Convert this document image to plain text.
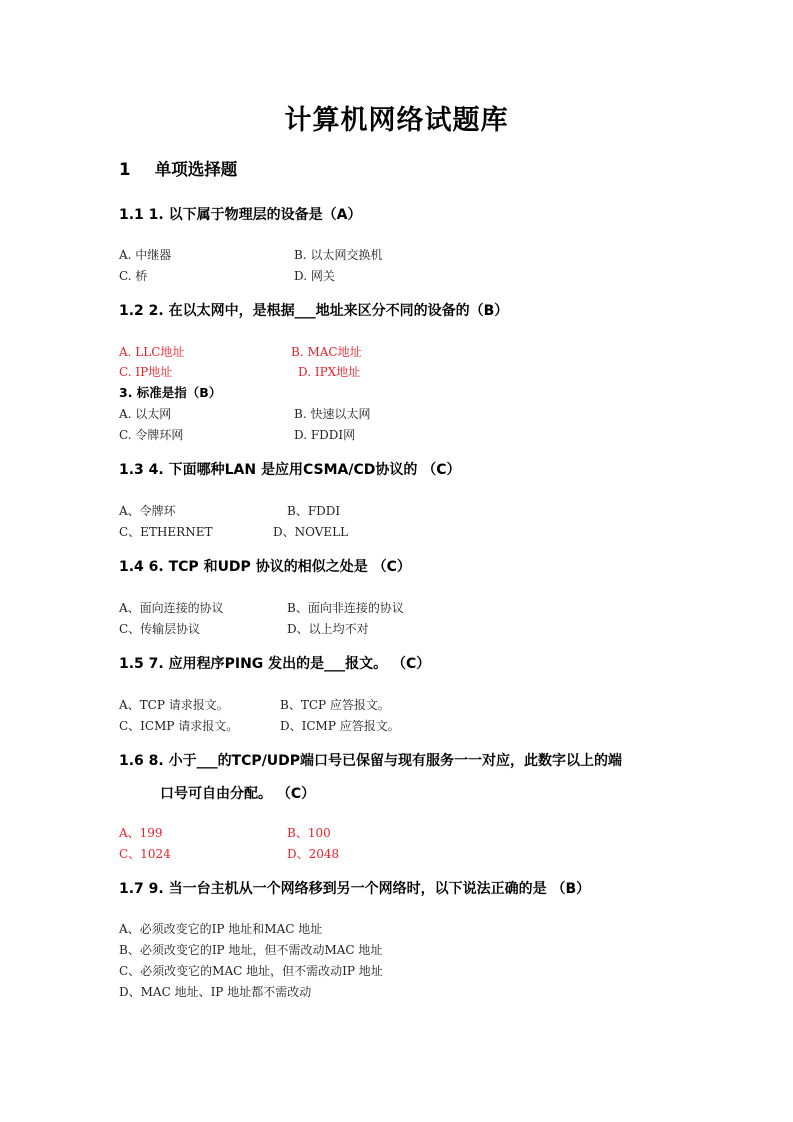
计算机网络试题库
1 单项选择题
1.1 1. 以下属于物理层的设备是（A）
A. 中继器	B. 以太网交换机
C. 桥	D. 网关
1.2 2. 在以太网中，是根据___地址来区分不同的设备的（B）
A. LLC地址	B. MAC地址
C. IP地址	D. IPX地址
3. 标准是指（B）
A. 以太网	B. 快速以太网
C. 令牌环网	D. FDDI网
1.3 4. 下面哪种LAN 是应用CSMA/CD协议的 （C）
A、令牌环	B、FDDI
C、ETHERNET	D、NOVELL
1.4 6. TCP 和UDP 协议的相似之处是 （C）
A、面向连接的协议	B、面向非连接的协议
C、传输层协议	D、以上均不对
1.5 7. 应用程序PING 发出的是___报文。 （C）
A、TCP 请求报文。	B、TCP 应答报文。
C、ICMP 请求报文。	D、ICMP 应答报文。
1.6 8. 小于___的TCP/UDP端口号已保留与现有服务一一对应，此数字以上的端
口号可自由分配。 （C）
A、199	B、100
C、1024	D、2048
1.7 9. 当一台主机从一个网络移到另一个网络时，以下说法正确的是 （B）
A、必须改变它的IP 地址和MAC 地址
B、必须改变它的IP 地址，但不需改动MAC 地址
C、必须改变它的MAC 地址，但不需改动IP 地址
D、MAC 地址、IP 地址都不需改动
